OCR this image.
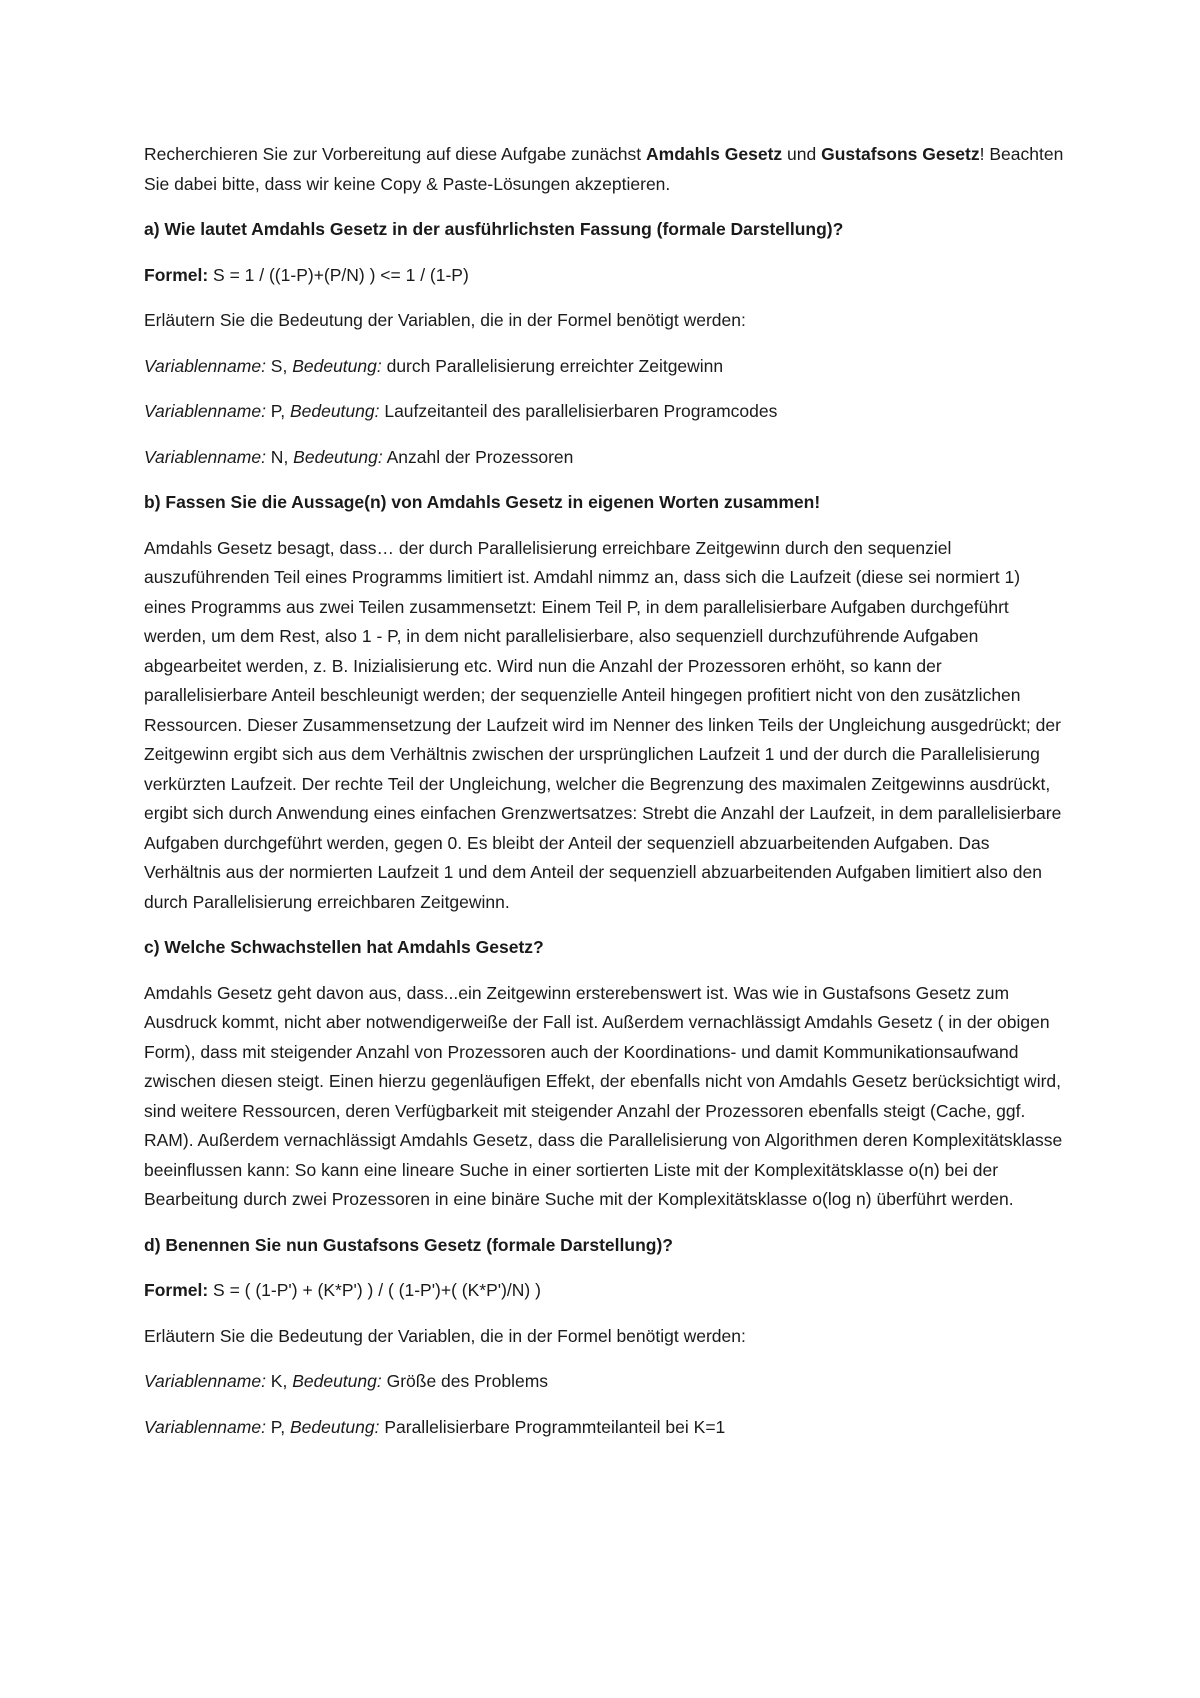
Recherchieren Sie zur Vorbereitung auf diese Aufgabe zunächst Amdahls Gesetz und Gustafsons Gesetz! Beachten Sie dabei bitte, dass wir keine Copy & Paste-Lösungen akzeptieren.

a) Wie lautet Amdahls Gesetz in der ausführlichsten Fassung (formale Darstellung)?

Formel: S = 1 / ((1-P)+(P/N) ) <= 1 / (1-P)

Erläutern Sie die Bedeutung der Variablen, die in der Formel benötigt werden:

Variablenname: S, Bedeutung: durch Parallelisierung erreichter Zeitgewinn

Variablenname: P, Bedeutung: Laufzeitanteil des parallelisierbaren Programcodes

Variablenname: N, Bedeutung: Anzahl der Prozessoren

b) Fassen Sie die Aussage(n) von Amdahls Gesetz in eigenen Worten zusammen!

Amdahls Gesetz besagt, dass… der durch Parallelisierung erreichbare Zeitgewinn durch den sequenziel auszuführenden Teil eines Programms limitiert ist. Amdahl nimmz an, dass sich die Laufzeit (diese sei normiert 1) eines Programms aus zwei Teilen zusammensetzt: Einem Teil P, in dem parallelisierbare Aufgaben durchgeführt werden, um dem Rest, also 1 - P, in dem nicht parallelisierbare, also sequenziell durchzuführende Aufgaben abgearbeitet werden, z. B. Inizialisierung etc. Wird nun die Anzahl der Prozessoren erhöht, so kann der parallelisierbare Anteil beschleunigt werden; der sequenzielle Anteil hingegen profitiert nicht von den zusätzlichen Ressourcen. Dieser Zusammensetzung der Laufzeit wird im Nenner des linken Teils der Ungleichung ausgedrückt; der Zeitgewinn ergibt sich aus dem Verhältnis zwischen der ursprünglichen Laufzeit 1 und der durch die Parallelisierung verkürzten Laufzeit. Der rechte Teil der Ungleichung, welcher die Begrenzung des maximalen Zeitgewinns ausdrückt, ergibt sich durch Anwendung eines einfachen Grenzwertsatzes: Strebt die Anzahl der Laufzeit, in dem parallelisierbare Aufgaben durchgeführt werden, gegen 0. Es bleibt der Anteil der sequenziell abzuarbeitenden Aufgaben. Das Verhältnis aus der normierten Laufzeit 1 und dem Anteil der sequenziell abzuarbeitenden Aufgaben limitiert also den durch Parallelisierung erreichbaren Zeitgewinn.

c) Welche Schwachstellen hat Amdahls Gesetz?

Amdahls Gesetz geht davon aus, dass...ein Zeitgewinn ersterebenswert ist. Was wie in Gustafsons Gesetz zum Ausdruck kommt, nicht aber notwendigerweiße der Fall ist. Außerdem vernachlässigt Amdahls Gesetz ( in der obigen Form), dass mit steigender Anzahl von Prozessoren auch der Koordinations- und damit Kommunikationsaufwand zwischen diesen steigt. Einen hierzu gegenläufigen Effekt, der ebenfalls nicht von Amdahls Gesetz berücksichtigt wird, sind weitere Ressourcen, deren Verfügbarkeit mit steigender Anzahl der Prozessoren ebenfalls steigt (Cache, ggf. RAM). Außerdem vernachlässigt Amdahls Gesetz, dass die Parallelisierung von Algorithmen deren Komplexitätsklasse beeinflussen kann: So kann eine lineare Suche in einer sortierten Liste mit der Komplexitätsklasse o(n) bei der Bearbeitung durch zwei Prozessoren in eine binäre Suche mit der Komplexitätsklasse o(log n) überführt werden.

d) Benennen Sie nun Gustafsons Gesetz (formale Darstellung)?

Formel: S = ( (1-P') + (K*P') ) / ( (1-P')+( (K*P')/N) )

Erläutern Sie die Bedeutung der Variablen, die in der Formel benötigt werden:

Variablenname: K, Bedeutung: Größe des Problems

Variablenname: P, Bedeutung: Parallelisierbare Programmteilanteil bei K=1
